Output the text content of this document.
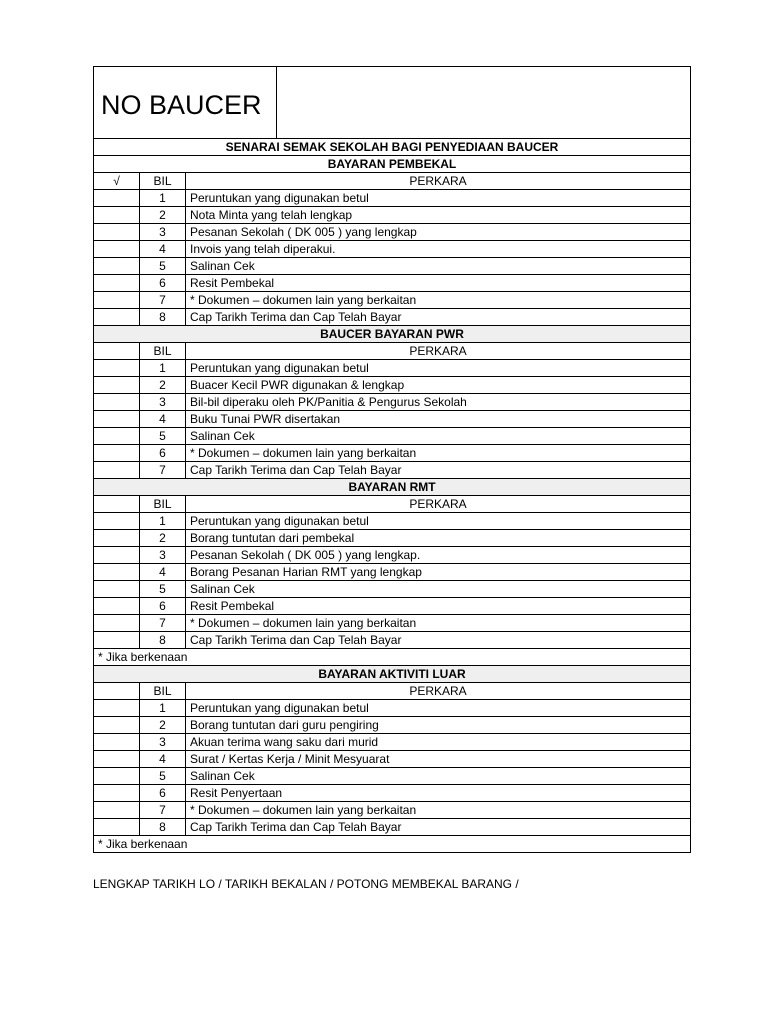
NO BAUCER
SENARAI SEMAK SEKOLAH BAGI PENYEDIAAN BAUCER		
BAYARAN PEMBEKAL		
√	BIL	PERKARA
	1	Peruntukan yang digunakan betul
	2	Nota Minta yang telah lengkap
	3	Pesanan Sekolah ( DK 005 ) yang lengkap
	4	Invois yang telah diperakui.
	5	Salinan Cek
	6	Resit Pembekal
	7	* Dokumen – dokumen lain yang berkaitan
	8	Cap Tarikh Terima dan Cap Telah Bayar
BAUCER BAYARAN PWR		
	BIL	PERKARA
	1	Peruntukan yang digunakan betul
	2	Buacer Kecil PWR digunakan & lengkap
	3	Bil-bil diperaku oleh PK/Panitia & Pengurus Sekolah
	4	Buku Tunai PWR disertakan
	5	Salinan Cek
	6	* Dokumen – dokumen lain yang berkaitan
	7	Cap Tarikh Terima dan Cap Telah Bayar
BAYARAN RMT		
	BIL	PERKARA
	1	Peruntukan yang digunakan betul
	2	Borang tuntutan dari pembekal
	3	Pesanan Sekolah ( DK 005 ) yang lengkap.
	4	Borang Pesanan Harian RMT yang lengkap
	5	Salinan Cek
	6	Resit Pembekal
	7	* Dokumen – dokumen lain yang berkaitan
	8	Cap Tarikh Terima dan Cap Telah Bayar
* Jika berkenaan		
BAYARAN AKTIVITI LUAR		
	BIL	PERKARA
	1	Peruntukan yang digunakan betul
	2	Borang tuntutan dari guru pengiring
	3	Akuan terima wang saku dari murid
	4	Surat / Kertas Kerja / Minit Mesyuarat
	5	Salinan Cek
	6	Resit Penyertaan
	7	* Dokumen – dokumen lain yang berkaitan
	8	Cap Tarikh Terima dan Cap Telah Bayar
* Jika berkenaan		
LENGKAP TARIKH LO / TARIKH BEKALAN / POTONG MEMBEKAL BARANG /
